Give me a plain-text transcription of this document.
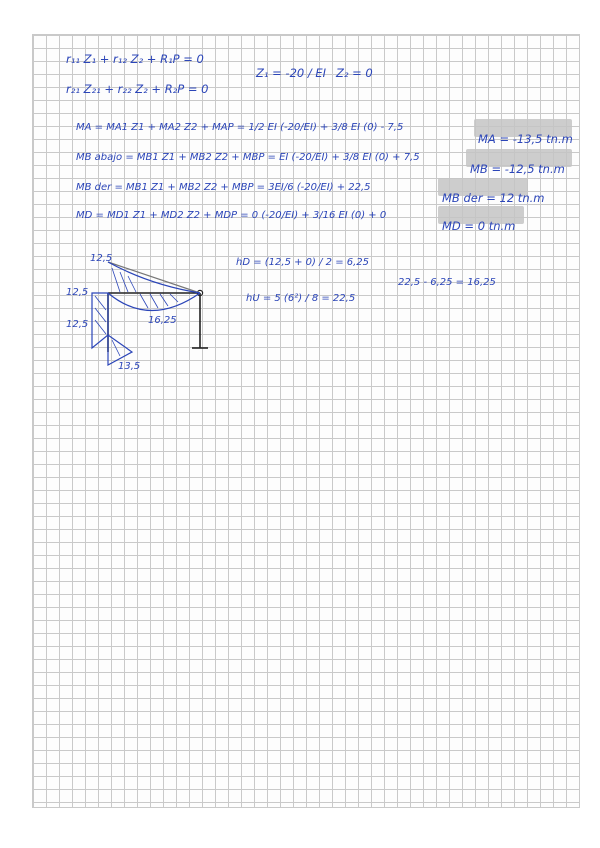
r₁₁ Z₁ + r₁₂ Z₂ + R₁P = 0

r₂₁ Z₂₁ + r₂₂ Z₂ + R₂P = 0

Z₁ = -20 / EI Z₂ = 0

MA = MA1 Z1 + MA2 Z2 + MAP = 1/2 EI (-20/EI) + 3/8 EI (0) - 7,5

MA = -13,5 tn.m

MB abajo = MB1 Z1 + MB2 Z2 + MBP = EI (-20/EI) + 3/8 EI (0) + 7,5

MB = -12,5 tn.m

MB der = MB1 Z1 + MB2 Z2 + MBP = 3EI/6 (-20/EI) + 22,5

MB der = 12 tn.m

MD = MD1 Z1 + MD2 Z2 + MDP = 0 (-20/EI) + 3/16 EI (0) + 0

MD = 0 tn.m

12,5

12,5

12,5

13,5

16,25

hD = (12,5 + 0) / 2 = 6,25

hU = 5 (6²) / 8 = 22,5

22,5 - 6,25 = 16,25
